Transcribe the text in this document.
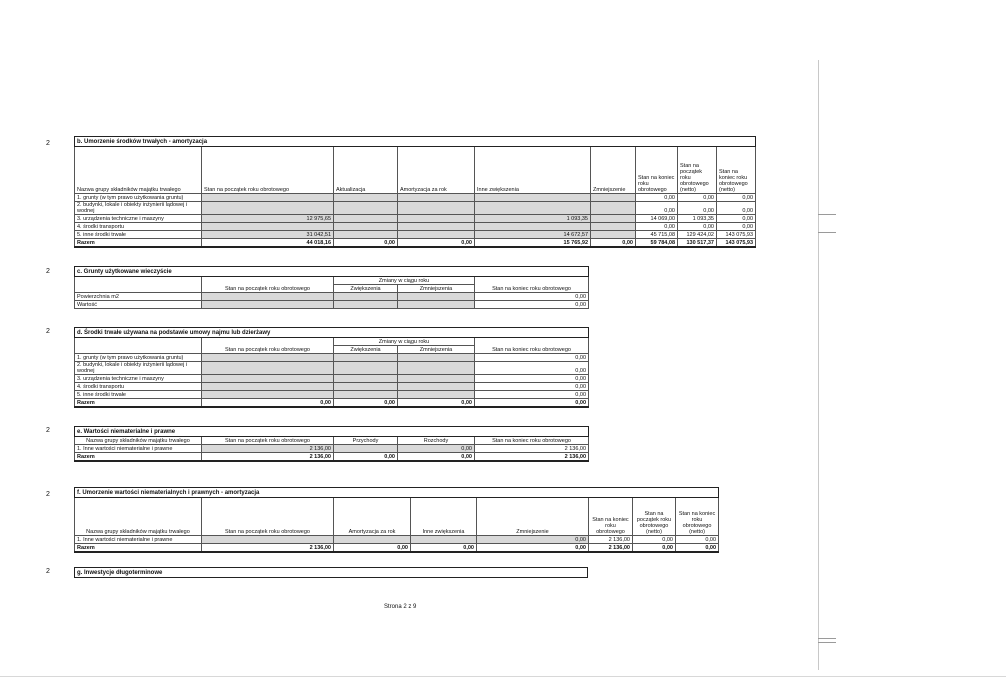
2	b. Umorzenie środków trwałych - amortyzacja								
Nazwa grupy składników majątku trwałego	Stan na początek roku obrotowego	Aktualizacja	Amortyzacja za rok	Inne zwiększenia	Zmniejszenie	Stan na koniec roku obrotowego	Stan na początek roku obrotowego (netto)	Stan na koniec roku obrotowego (netto)
1. grunty (w tym prawo użytkowania gruntu)						0,00	0,00	0,00
2. budynki, lokale i obiekty inżynierii lądowej i wodnej						0,00	0,00	0,00
3. urządzenia techniczne i maszyny	12 975,65			1 093,35		14 069,00	1 093,35	0,00
4. środki transportu						0,00	0,00	0,00
5. inne środki trwałe	31 042,51			14 672,57		45 715,08	129 424,02	143 075,93
Razem	44 018,16	0,00	0,00	15 765,92	0,00	59 784,08	130 517,37	143 075,93
2	c. Grunty użytkowane wieczyście				
	Stan na początek roku obrotowego	Zmiany w ciągu roku		Stan na koniec roku obrotowego
		Zwiększenia	Zmniejszenia	
Powierzchnia m2				0,00
Wartość				0,00
2	d. Środki trwałe używana na podstawie umowy najmu lub dzierżawy				
	Stan na początek roku obrotowego	Zmiany w ciągu roku		Stan na koniec roku obrotowego
		Zwiększenia	Zmniejszenia	
1. grunty (w tym prawo użytkowania gruntu)				0,00
2. budynki, lokale i obiekty inżynierii lądowej i wodnej				0,00
3. urządzenia techniczne i maszyny				0,00
4. środki transportu				0,00
5. inne środki trwałe				0,00
Razem	0,00	0,00	0,00	0,00
2	e. Wartości niematerialne i prawne				
Nazwa grupy składników majątku trwałego	Stan na początek roku obrotowego	Przychody	Rozchody	Stan na koniec roku obrotowego
1. Inne wartości niematerialne i prawne	2 136,00		0,00	2 136,00
Razem	2 136,00	0,00	0,00	2 136,00
2	f. Umorzenie wartości niematerialnych i prawnych - amortyzacja							
Nazwa grupy składników majątku trwałego	Stan na początek roku obrotowego	Amortyzacja za rok	Inne zwiększenia	Zmniejszenie	Stan na koniec roku obrotowego	Stan na początek roku obrotowego (netto)	Stan na koniec roku obrotowego (netto)
1. Inne wartości niematerialne i prawne				0,00	2 136,00	0,00	0,00
Razem	2 136,00	0,00	0,00	0,00	2 136,00	0,00	0,00
2	g. Inwestycje długoterminowe
Strona 2 z 9
